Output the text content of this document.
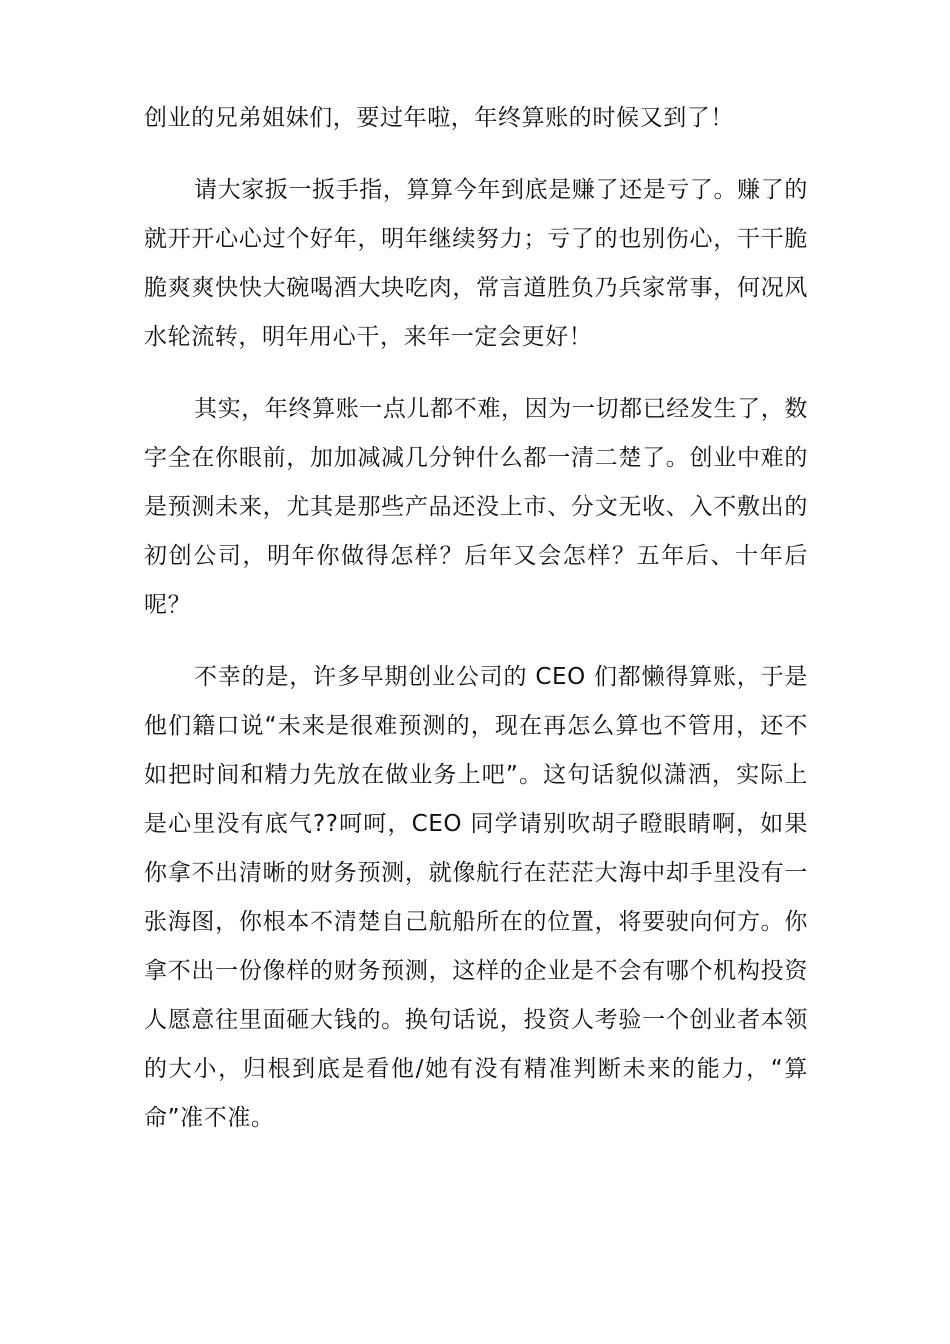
创业的兄弟姐妹们，要过年啦，年终算账的时候又到了！

请大家扳一扳手指，算算今年到底是赚了还是亏了。赚了的就开开心心过个好年，明年继续努力；亏了的也别伤心，干干脆脆爽爽快快大碗喝酒大块吃肉，常言道胜负乃兵家常事，何况风水轮流转，明年用心干，来年一定会更好！

其实，年终算账一点儿都不难，因为一切都已经发生了，数字全在你眼前，加加减减几分钟什么都一清二楚了。创业中难的是预测未来，尤其是那些产品还没上市、分文无收、入不敷出的初创公司，明年你做得怎样？后年又会怎样？五年后、十年后呢？

不幸的是，许多早期创业公司的 CEO 们都懒得算账，于是他们籍口说“未来是很难预测的，现在再怎么算也不管用，还不如把时间和精力先放在做业务上吧”。这句话貌似潇洒，实际上是心里没有底气??呵呵，CEO 同学请别吹胡子瞪眼睛啊，如果你拿不出清晰的财务预测，就像航行在茫茫大海中却手里没有一张海图，你根本不清楚自己航船所在的位置，将要驶向何方。你拿不出一份像样的财务预测，这样的企业是不会有哪个机构投资人愿意往里面砸大钱的。换句话说，投资人考验一个创业者本领的大小，归根到底是看他/她有没有精准判断未来的能力，“算命”准不准。
